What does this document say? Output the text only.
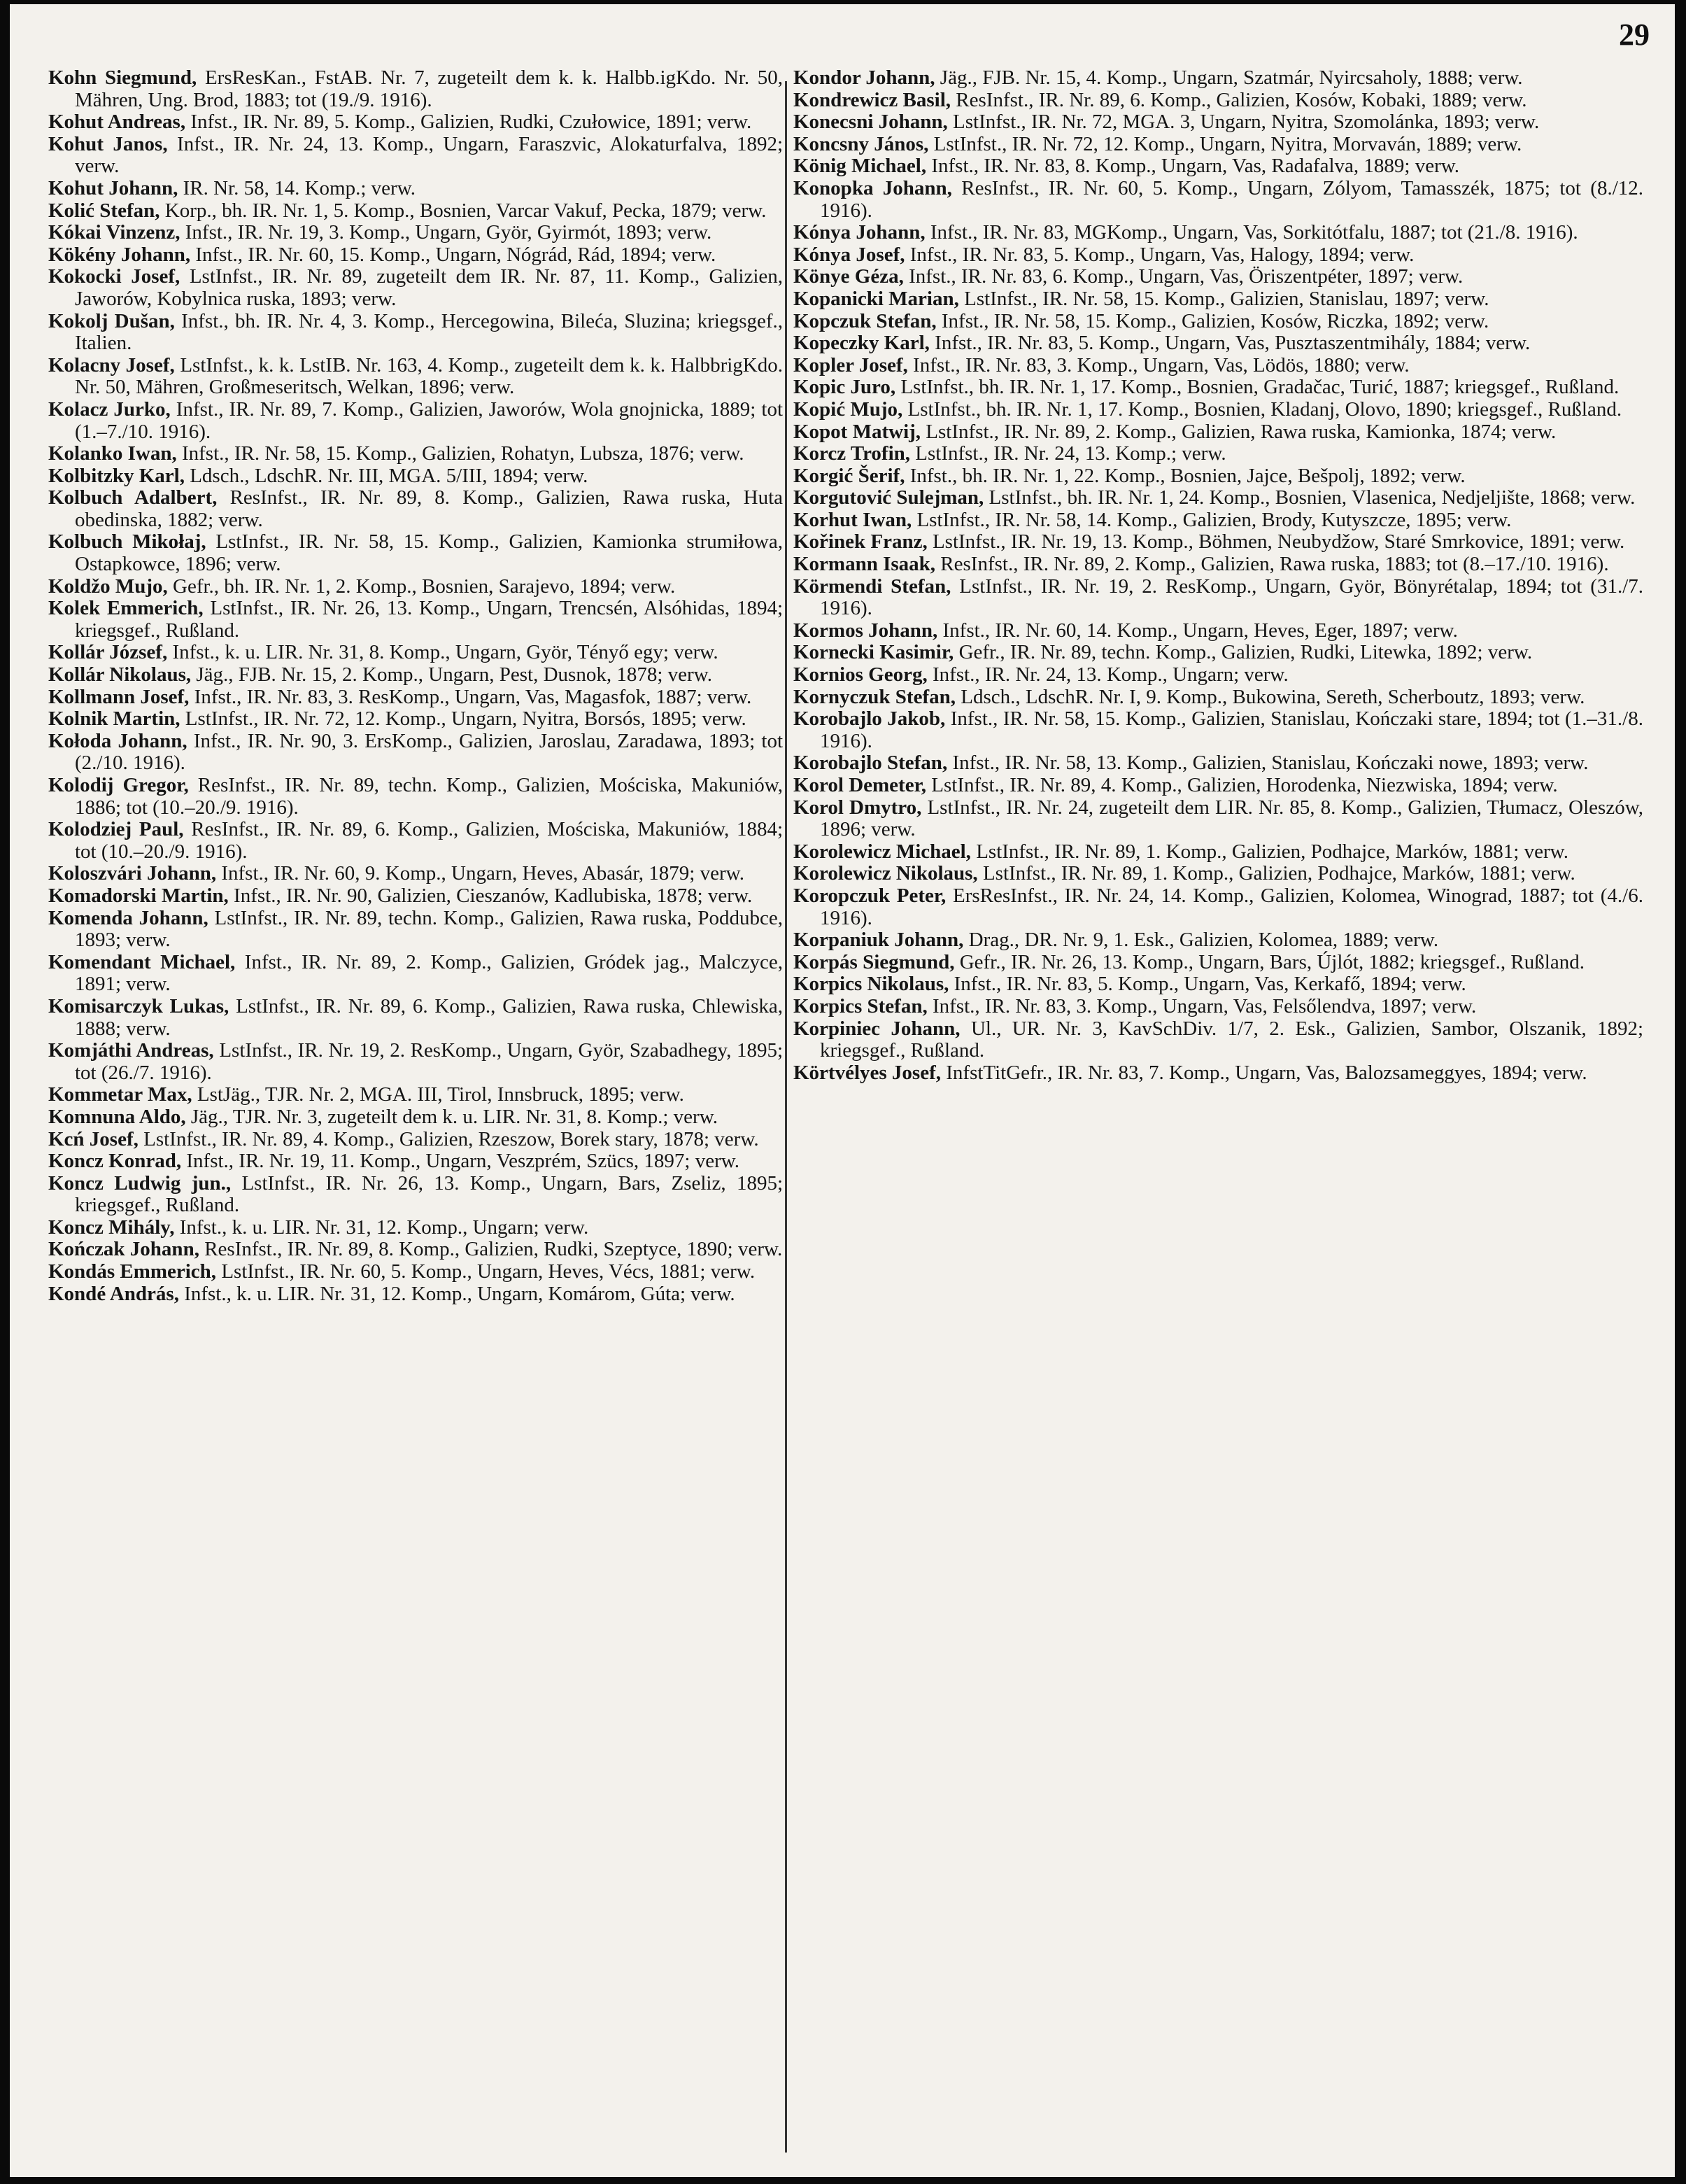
29

Kohn Siegmund, ErsResKan., FstAB. Nr. 7, zugeteilt dem k. k. Halbb.igKdo. Nr. 50, Mähren, Ung. Brod, 1883; tot (19./9. 1916).

Kohut Andreas, Infst., IR. Nr. 89, 5. Komp., Galizien, Rudki, Czułowice, 1891; verw.

Kohut Janos, Infst., IR. Nr. 24, 13. Komp., Ungarn, Faraszvic, Alokaturfalva, 1892; verw.

Kohut Johann, IR. Nr. 58, 14. Komp.; verw.

Kolić Stefan, Korp., bh. IR. Nr. 1, 5. Komp., Bosnien, Varcar Vakuf, Pecka, 1879; verw.

Kókai Vinzenz, Infst., IR. Nr. 19, 3. Komp., Ungarn, Györ, Gyirmót, 1893; verw.

Kökény Johann, Infst., IR. Nr. 60, 15. Komp., Ungarn, Nógrád, Rád, 1894; verw.

Kokocki Josef, LstInfst., IR. Nr. 89, zugeteilt dem IR. Nr. 87, 11. Komp., Galizien, Jaworów, Kobylnica ruska, 1893; verw.

Kokolj Dušan, Infst., bh. IR. Nr. 4, 3. Komp., Hercegowina, Bileća, Sluzina; kriegsgef., Italien.

Kolacny Josef, LstInfst., k. k. LstIB. Nr. 163, 4. Komp., zugeteilt dem k. k. HalbbrigKdo. Nr. 50, Mähren, Großmeseritsch, Welkan, 1896; verw.

Kolacz Jurko, Infst., IR. Nr. 89, 7. Komp., Galizien, Jaworów, Wola gnojnicka, 1889; tot (1.–7./10. 1916).

Kolanko Iwan, Infst., IR. Nr. 58, 15. Komp., Galizien, Rohatyn, Lubsza, 1876; verw.

Kolbitzky Karl, Ldsch., LdschR. Nr. III, MGA. 5/III, 1894; verw.

Kolbuch Adalbert, ResInfst., IR. Nr. 89, 8. Komp., Galizien, Rawa ruska, Huta obedinska, 1882; verw.

Kolbuch Mikołaj, LstInfst., IR. Nr. 58, 15. Komp., Galizien, Kamionka strumiłowa, Ostapkowce, 1896; verw.

Koldžo Mujo, Gefr., bh. IR. Nr. 1, 2. Komp., Bosnien, Sarajevo, 1894; verw.

Kolek Emmerich, LstInfst., IR. Nr. 26, 13. Komp., Ungarn, Trencsén, Alsóhidas, 1894; kriegsgef., Rußland.

Kollár József, Infst., k. u. LIR. Nr. 31, 8. Komp., Ungarn, Györ, Tényő egy; verw.

Kollár Nikolaus, Jäg., FJB. Nr. 15, 2. Komp., Ungarn, Pest, Dusnok, 1878; verw.

Kollmann Josef, Infst., IR. Nr. 83, 3. ResKomp., Ungarn, Vas, Magasfok, 1887; verw.

Kolnik Martin, LstInfst., IR. Nr. 72, 12. Komp., Ungarn, Nyitra, Borsós, 1895; verw.

Kołoda Johann, Infst., IR. Nr. 90, 3. ErsKomp., Galizien, Jaroslau, Zaradawa, 1893; tot (2./10. 1916).

Kolodij Gregor, ResInfst., IR. Nr. 89, techn. Komp., Galizien, Mościska, Makuniów, 1886; tot (10.–20./9. 1916).

Kolodziej Paul, ResInfst., IR. Nr. 89, 6. Komp., Galizien, Mościska, Makuniów, 1884; tot (10.–20./9. 1916).

Koloszvári Johann, Infst., IR. Nr. 60, 9. Komp., Ungarn, Heves, Abasár, 1879; verw.

Komadorski Martin, Infst., IR. Nr. 90, Galizien, Cieszanów, Kadlubiska, 1878; verw.

Komenda Johann, LstInfst., IR. Nr. 89, techn. Komp., Galizien, Rawa ruska, Poddubce, 1893; verw.

Komendant Michael, Infst., IR. Nr. 89, 2. Komp., Galizien, Gródek jag., Malczyce, 1891; verw.

Komisarczyk Lukas, LstInfst., IR. Nr. 89, 6. Komp., Galizien, Rawa ruska, Chlewiska, 1888; verw.

Komjáthi Andreas, LstInfst., IR. Nr. 19, 2. ResKomp., Ungarn, Györ, Szabadhegy, 1895; tot (26./7. 1916).

Kommetar Max, LstJäg., TJR. Nr. 2, MGA. III, Tirol, Innsbruck, 1895; verw.

Komnuna Aldo, Jäg., TJR. Nr. 3, zugeteilt dem k. u. LIR. Nr. 31, 8. Komp.; verw.

Kcń Josef, LstInfst., IR. Nr. 89, 4. Komp., Galizien, Rzeszow, Borek stary, 1878; verw.

Koncz Konrad, Infst., IR. Nr. 19, 11. Komp., Ungarn, Veszprém, Szücs, 1897; verw.

Koncz Ludwig jun., LstInfst., IR. Nr. 26, 13. Komp., Ungarn, Bars, Zseliz, 1895; kriegsgef., Rußland.

Koncz Mihály, Infst., k. u. LIR. Nr. 31, 12. Komp., Ungarn; verw.

Kończak Johann, ResInfst., IR. Nr. 89, 8. Komp., Galizien, Rudki, Szeptyce, 1890; verw.

Kondás Emmerich, LstInfst., IR. Nr. 60, 5. Komp., Ungarn, Heves, Vécs, 1881; verw.

Kondé András, Infst., k. u. LIR. Nr. 31, 12. Komp., Ungarn, Komárom, Gúta; verw.

Kondor Johann, Jäg., FJB. Nr. 15, 4. Komp., Ungarn, Szatmár, Nyircsaholy, 1888; verw.

Kondrewicz Basil, ResInfst., IR. Nr. 89, 6. Komp., Galizien, Kosów, Kobaki, 1889; verw.

Konecsni Johann, LstInfst., IR. Nr. 72, MGA. 3, Ungarn, Nyitra, Szomolánka, 1893; verw.

Koncsny János, LstInfst., IR. Nr. 72, 12. Komp., Ungarn, Nyitra, Morvaván, 1889; verw.

König Michael, Infst., IR. Nr. 83, 8. Komp., Ungarn, Vas, Radafalva, 1889; verw.

Konopka Johann, ResInfst., IR. Nr. 60, 5. Komp., Ungarn, Zólyom, Tamasszék, 1875; tot (8./12. 1916).

Kónya Johann, Infst., IR. Nr. 83, MGKomp., Ungarn, Vas, Sorkitótfalu, 1887; tot (21./8. 1916).

Kónya Josef, Infst., IR. Nr. 83, 5. Komp., Ungarn, Vas, Halogy, 1894; verw.

Könye Géza, Infst., IR. Nr. 83, 6. Komp., Ungarn, Vas, Öriszentpéter, 1897; verw.

Kopanicki Marian, LstInfst., IR. Nr. 58, 15. Komp., Galizien, Stanislau, 1897; verw.

Kopczuk Stefan, Infst., IR. Nr. 58, 15. Komp., Galizien, Kosów, Riczka, 1892; verw.

Kopeczky Karl, Infst., IR. Nr. 83, 5. Komp., Ungarn, Vas, Pusztaszentmihály, 1884; verw.

Kopler Josef, Infst., IR. Nr. 83, 3. Komp., Ungarn, Vas, Lödös, 1880; verw.

Kopic Juro, LstInfst., bh. IR. Nr. 1, 17. Komp., Bosnien, Gradačac, Turić, 1887; kriegsgef., Rußland.

Kopić Mujo, LstInfst., bh. IR. Nr. 1, 17. Komp., Bosnien, Kladanj, Olovo, 1890; kriegsgef., Rußland.

Kopot Matwij, LstInfst., IR. Nr. 89, 2. Komp., Galizien, Rawa ruska, Kamionka, 1874; verw.

Korcz Trofin, LstInfst., IR. Nr. 24, 13. Komp.; verw.

Korgić Šerif, Infst., bh. IR. Nr. 1, 22. Komp., Bosnien, Jajce, Bešpolj, 1892; verw.

Korgutović Sulejman, LstInfst., bh. IR. Nr. 1, 24. Komp., Bosnien, Vlasenica, Nedjeljište, 1868; verw.

Korhut Iwan, LstInfst., IR. Nr. 58, 14. Komp., Galizien, Brody, Kutyszcze, 1895; verw.

Kořinek Franz, LstInfst., IR. Nr. 19, 13. Komp., Böhmen, Neubydžow, Staré Smrkovice, 1891; verw.

Kormann Isaak, ResInfst., IR. Nr. 89, 2. Komp., Galizien, Rawa ruska, 1883; tot (8.–17./10. 1916).

Körmendi Stefan, LstInfst., IR. Nr. 19, 2. ResKomp., Ungarn, Györ, Bönyrétalap, 1894; tot (31./7. 1916).

Kormos Johann, Infst., IR. Nr. 60, 14. Komp., Ungarn, Heves, Eger, 1897; verw.

Kornecki Kasimir, Gefr., IR. Nr. 89, techn. Komp., Galizien, Rudki, Litewka, 1892; verw.

Kornios Georg, Infst., IR. Nr. 24, 13. Komp., Ungarn; verw.

Kornyczuk Stefan, Ldsch., LdschR. Nr. I, 9. Komp., Bukowina, Sereth, Scherboutz, 1893; verw.

Korobajlo Jakob, Infst., IR. Nr. 58, 15. Komp., Galizien, Stanislau, Kończaki stare, 1894; tot (1.–31./8. 1916).

Korobajlo Stefan, Infst., IR. Nr. 58, 13. Komp., Galizien, Stanislau, Kończaki nowe, 1893; verw.

Korol Demeter, LstInfst., IR. Nr. 89, 4. Komp., Galizien, Horodenka, Niezwiska, 1894; verw.

Korol Dmytro, LstInfst., IR. Nr. 24, zugeteilt dem LIR. Nr. 85, 8. Komp., Galizien, Tłumacz, Oleszów, 1896; verw.

Korolewicz Michael, LstInfst., IR. Nr. 89, 1. Komp., Galizien, Podhajce, Marków, 1881; verw.

Korolewicz Nikolaus, LstInfst., IR. Nr. 89, 1. Komp., Galizien, Podhajce, Marków, 1881; verw.

Koropczuk Peter, ErsResInfst., IR. Nr. 24, 14. Komp., Galizien, Kolomea, Winograd, 1887; tot (4./6. 1916).

Korpaniuk Johann, Drag., DR. Nr. 9, 1. Esk., Galizien, Kolomea, 1889; verw.

Korpás Siegmund, Gefr., IR. Nr. 26, 13. Komp., Ungarn, Bars, Újlót, 1882; kriegsgef., Rußland.

Korpics Nikolaus, Infst., IR. Nr. 83, 5. Komp., Ungarn, Vas, Kerkafő, 1894; verw.

Korpics Stefan, Infst., IR. Nr. 83, 3. Komp., Ungarn, Vas, Felsőlendva, 1897; verw.

Korpiniec Johann, Ul., UR. Nr. 3, KavSchDiv. 1/7, 2. Esk., Galizien, Sambor, Olszanik, 1892; kriegsgef., Rußland.

Körtvélyes Josef, InfstTitGefr., IR. Nr. 83, 7. Komp., Ungarn, Vas, Balozsameggyes, 1894; verw.
